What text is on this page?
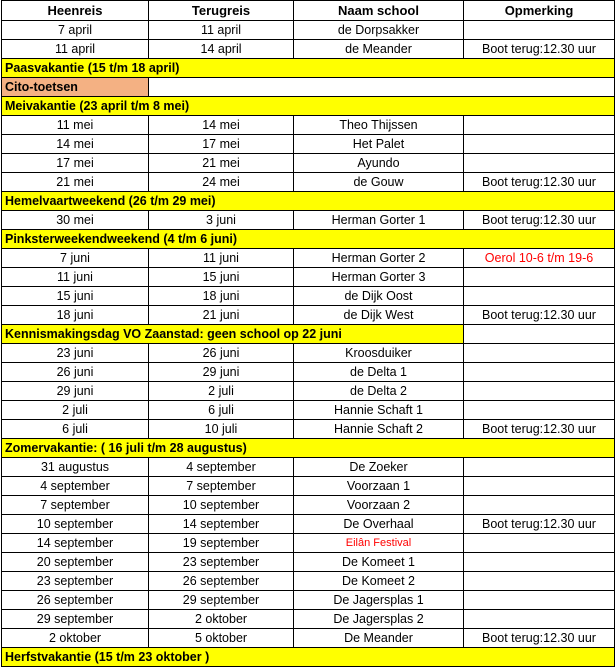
Heenreis	Terugreis	Naam school	Opmerking
7 april	11 april	de Dorpsakker	
11 april	14 april	de Meander	Boot terug:12.30 uur
Paasvakantie (15 t/m 18 april)			
Cito-toetsen			
Meivakantie (23 april t/m 8 mei)			
11 mei	14 mei	Theo Thijssen	
14 mei	17 mei	Het Palet	
17 mei	21 mei	Ayundo	
21 mei	24 mei	de Gouw	Boot terug:12.30 uur
Hemelvaartweekend (26 t/m 29 mei)			
30 mei	3 juni	Herman Gorter 1	Boot terug:12.30 uur
Pinksterweekendweekend (4 t/m 6 juni)			
7 juni	11 juni	Herman Gorter 2	Oerol 10-6 t/m 19-6
11 juni	15 juni	Herman Gorter 3	
15 juni	18 juni	de Dijk Oost	
18 juni	21 juni	de Dijk West	Boot terug:12.30 uur
Kennismakingsdag VO Zaanstad: geen school op 22 juni			
23 juni	26 juni	Kroosduiker	
26 juni	29 juni	de Delta 1	
29 juni	2 juli	de Delta 2	
2 juli	6 juli	Hannie Schaft 1	
6 juli	10 juli	Hannie Schaft 2	Boot terug:12.30 uur
Zomervakantie: ( 16 juli t/m 28 augustus)			
31 augustus	4 september	De Zoeker	
4 september	7 september	Voorzaan 1	
7 september	10 september	Voorzaan 2	
10 september	14 september	De Overhaal	Boot terug:12.30 uur
14 september	19 september	Eilân Festival	
20 september	23 september	De Komeet 1	
23 september	26 september	De Komeet 2	
26 september	29 september	De Jagersplas 1	
29 september	2 oktober	De Jagersplas 2	
2 oktober	5 oktober	De Meander	Boot terug:12.30 uur
Herfstvakantie (15 t/m 23 oktober )			
